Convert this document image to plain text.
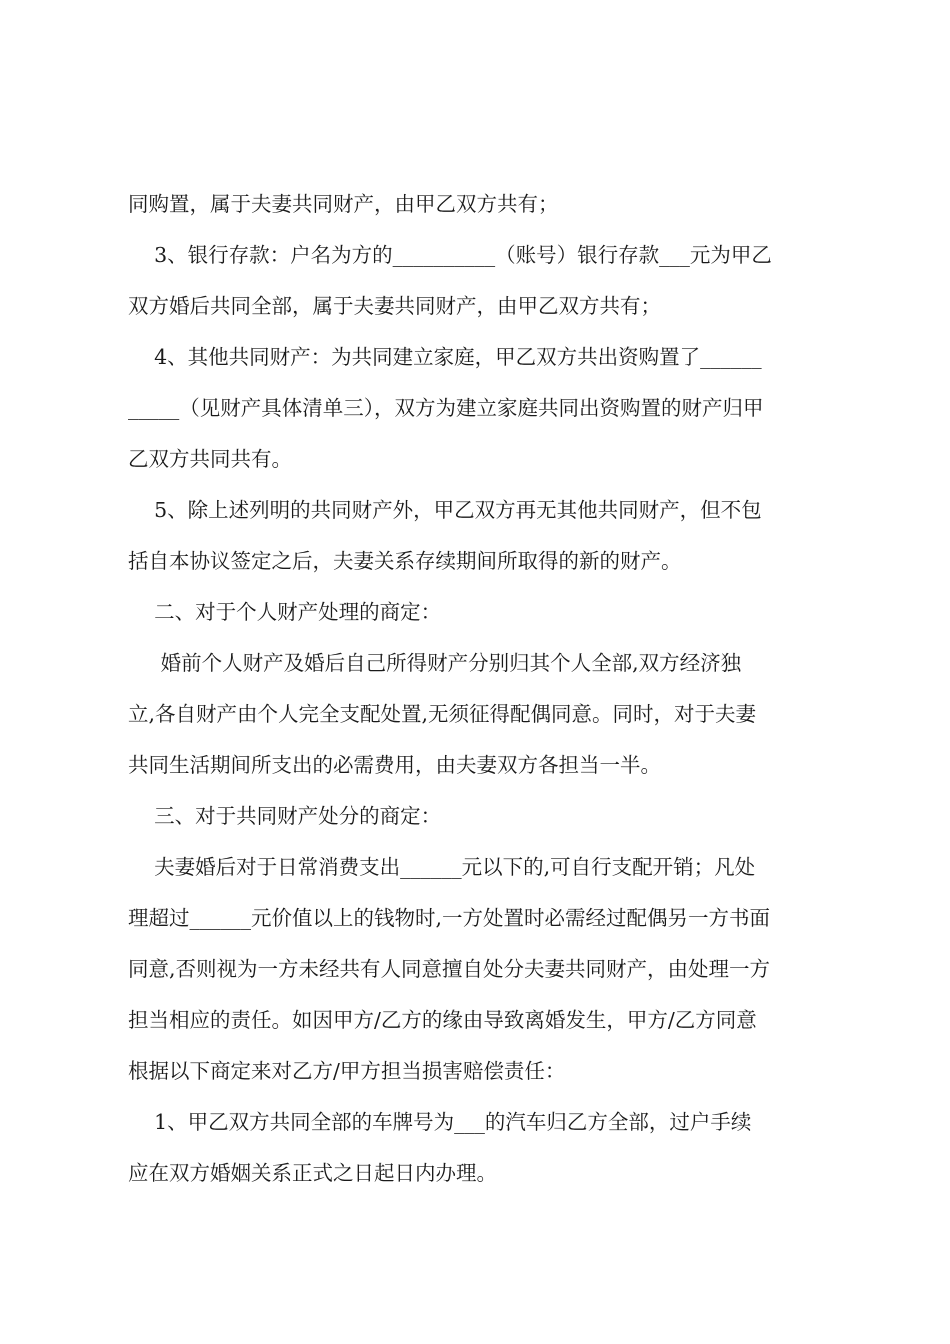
同购置，属于夫妻共同财产，由甲乙双方共有；
3、银行存款：户名为方的__________（账号）银行存款___元为甲乙
双方婚后共同全部，属于夫妻共同财产，由甲乙双方共有；
4、其他共同财产：为共同建立家庭，甲乙双方共出资购置了______
_____（见财产具体清单三），双方为建立家庭共同出资购置的财产归甲
乙双方共同共有。
5、除上述列明的共同财产外，甲乙双方再无其他共同财产，但不包
括自本协议签定之后，夫妻关系存续期间所取得的新的财产。
二、对于个人财产处理的商定：
婚前个人财产及婚后自己所得财产分别归其个人全部,双方经济独
立,各自财产由个人完全支配处置,无须征得配偶同意。同时，对于夫妻
共同生活期间所支出的必需费用，由夫妻双方各担当一半。
三、对于共同财产处分的商定：
夫妻婚后对于日常消费支出______元以下的,可自行支配开销；凡处
理超过______元价值以上的钱物时,一方处置时必需经过配偶另一方书面
同意,否则视为一方未经共有人同意擅自处分夫妻共同财产，由处理一方
担当相应的责任。如因甲方/乙方的缘由导致离婚发生，甲方/乙方同意
根据以下商定来对乙方/甲方担当损害赔偿责任：
1、甲乙双方共同全部的车牌号为___的汽车归乙方全部，过户手续
应在双方婚姻关系正式之日起日内办理。
